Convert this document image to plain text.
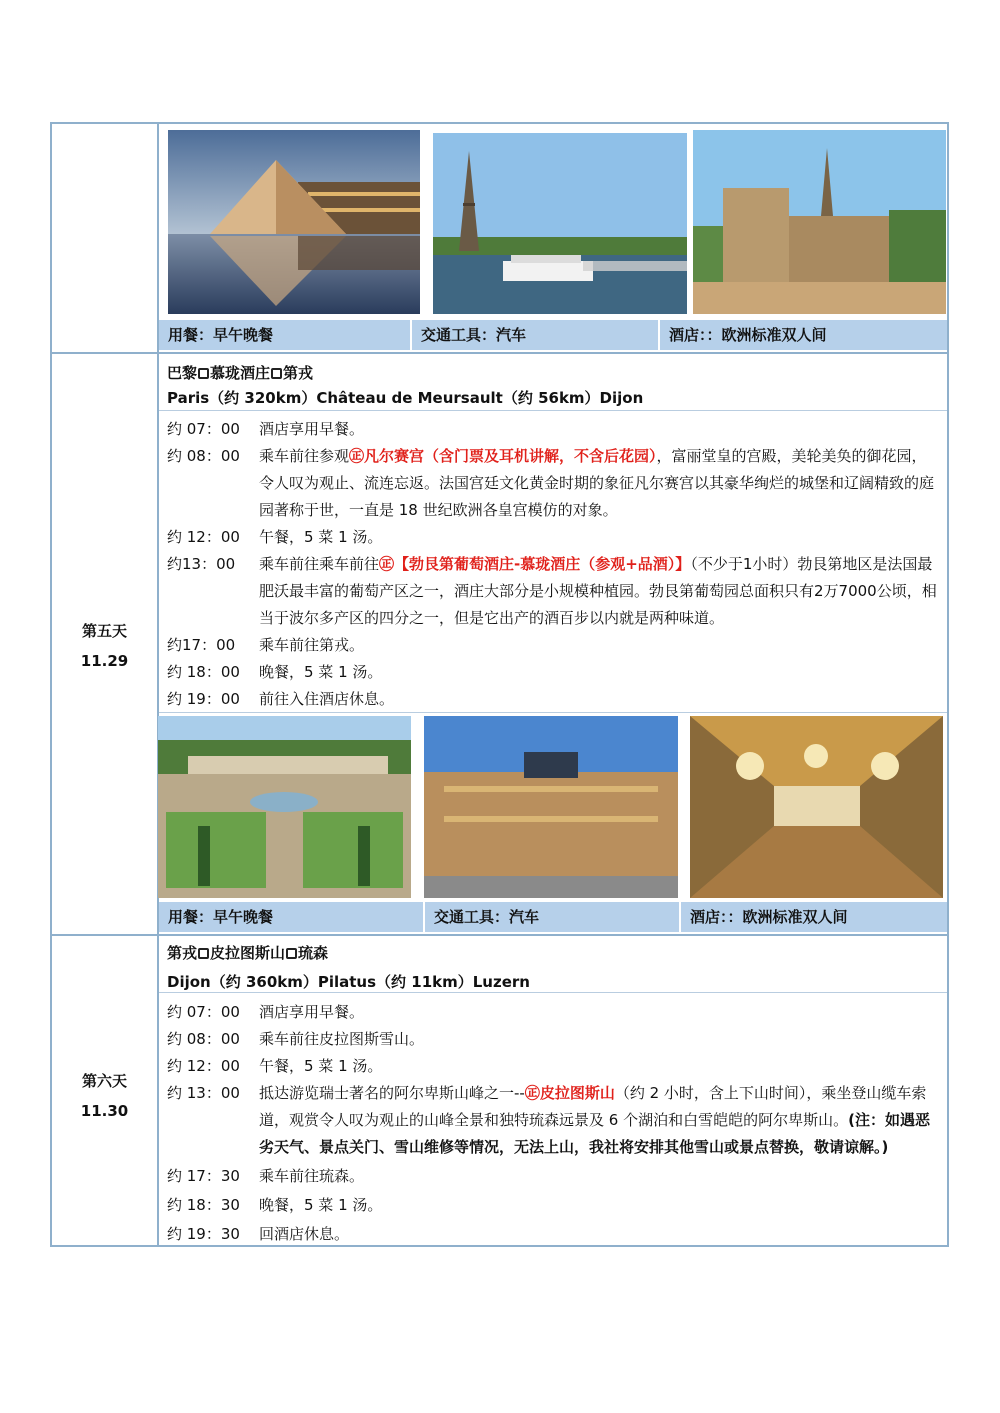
用餐：早午晚餐	交通工具：汽车	酒店：：欧洲标准双人间
第五天
11.29
巴黎 慕珑酒庄 第戎
Paris（约 320km）Château de Meursault（约 56km）Dijon
约 07：00	酒店享用早餐。
约 08：00	乘车前往参观㊣凡尔赛宫（含门票及耳机讲解，不含后花园），富丽堂皇的宫殿，美轮美奂的御花园，令人叹为观止、流连忘返。法国宫廷文化黄金时期的象征凡尔赛宫以其豪华绚烂的城堡和辽阔精致的庭园著称于世，一直是 18 世纪欧洲各皇宫模仿的对象。
约 12：00	午餐，5 菜 1 汤。
约13：00	乘车前往乘车前往㊣【勃艮第葡萄酒庄-慕珑酒庄（参观+品酒）】（不少于1小时）勃艮第地区是法国最肥沃最丰富的葡萄产区之一，酒庄大部分是小规模种植园。勃艮第葡萄园总面积只有2万7000公顷，相当于波尔多产区的四分之一，但是它出产的酒百步以内就是两种味道。
约17：00	乘车前往第戎。
约 18：00	晚餐，5 菜 1 汤。
约 19：00	前往入住酒店休息。
用餐：早午晚餐	交通工具：汽车	酒店：：欧洲标准双人间
第六天
11.30
第戎 皮拉图斯山 琉森
Dijon（约 360km）Pilatus（约 11km）Luzern
约 07：00	酒店享用早餐。
约 08：00	乘车前往皮拉图斯雪山。
约 12：00	午餐，5 菜 1 汤。
约 13：00	抵达游览瑞士著名的阿尔卑斯山峰之一--㊣皮拉图斯山（约 2 小时，含上下山时间），乘坐登山缆车索道，观赏令人叹为观止的山峰全景和独特琉森远景及 6 个湖泊和白雪皑皑的阿尔卑斯山。(注：如遇恶劣天气、景点关门、雪山维修等情况，无法上山，我社将安排其他雪山或景点替换，敬请谅解。)
约 17：30	乘车前往琉森。
约 18：30	晚餐，5 菜 1 汤。
约 19：30	回酒店休息。
